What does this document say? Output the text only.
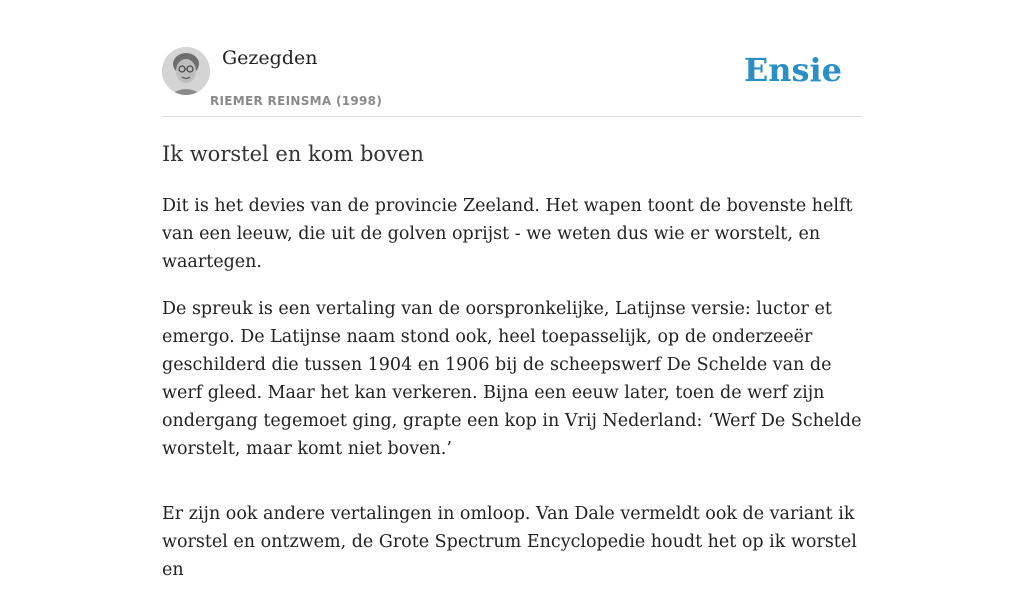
Gezegden
RIEMER REINSMA (1998)
Ensie
Ik worstel en kom boven

Dit is het devies van de provincie Zeeland. Het wapen toont de bovenste helft van een leeuw, die uit de golven oprijst - we weten dus wie er worstelt, en waartegen.

De spreuk is een vertaling van de oorspronkelijke, Latijnse versie: luctor et emergo. De Latijnse naam stond ook, heel toepasselijk, op de onderzeeër geschilderd die tussen 1904 en 1906 bij de scheepswerf De Schelde van de werf gleed. Maar het kan verkeren. Bijna een eeuw later, toen de werf zijn ondergang tegemoet ging, grapte een kop in Vrij Nederland: ‘Werf De Schelde worstelt, maar komt niet boven.’

Er zijn ook andere vertalingen in omloop. Van Dale vermeldt ook de variant ik worstel en ontzwem, de Grote Spectrum Encyclopedie houdt het op ik worstel en
